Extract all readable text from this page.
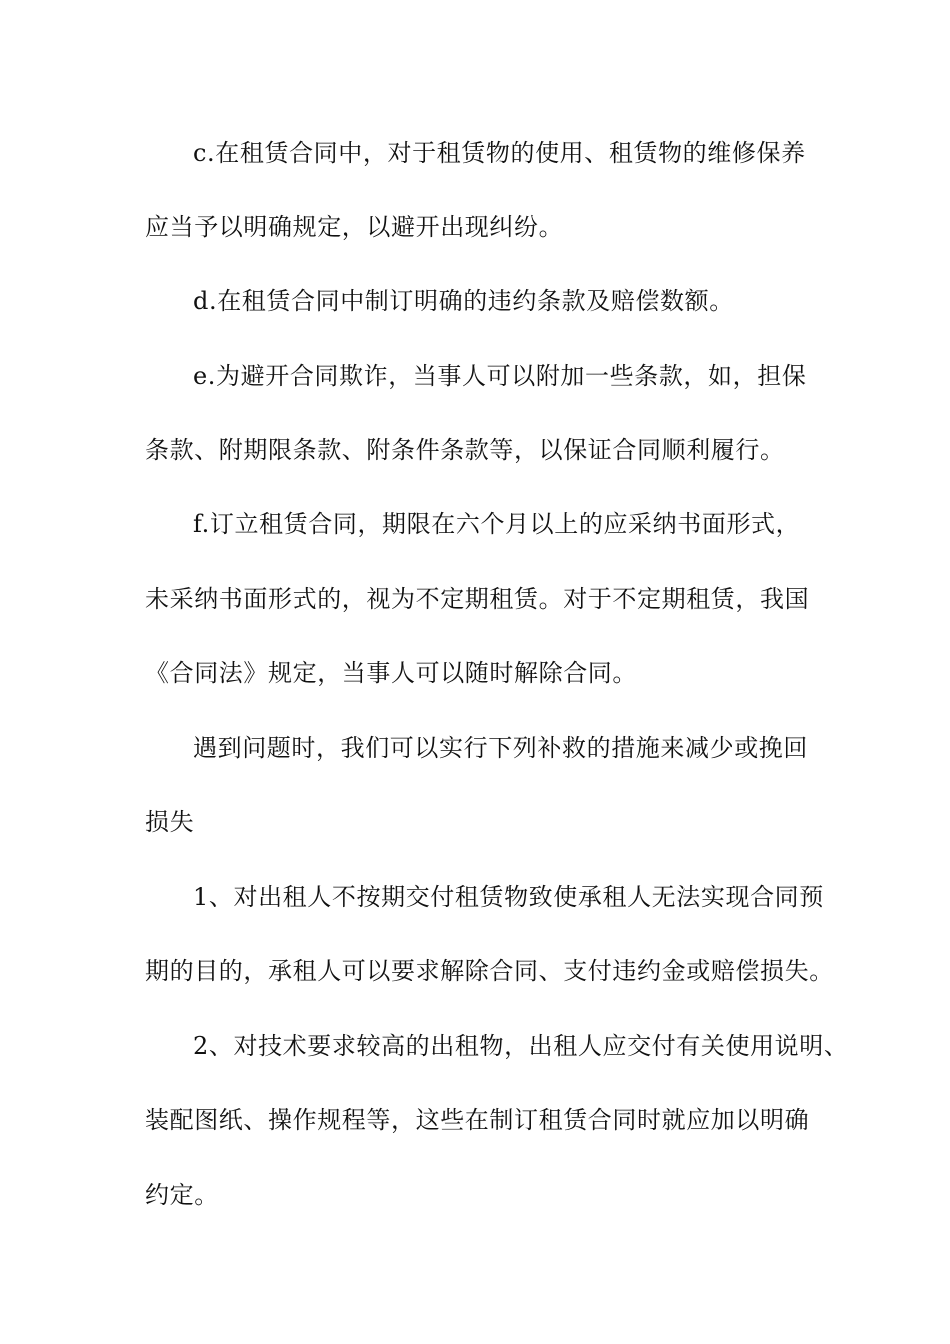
c.在租赁合同中，对于租赁物的使用、租赁物的维修保养
应当予以明确规定，以避开出现纠纷。
d.在租赁合同中制订明确的违约条款及赔偿数额。
e.为避开合同欺诈，当事人可以附加一些条款，如，担保
条款、附期限条款、附条件条款等，以保证合同顺利履行。
f.订立租赁合同，期限在六个月以上的应采纳书面形式，
未采纳书面形式的，视为不定期租赁。对于不定期租赁，我国
《合同法》规定，当事人可以随时解除合同。
遇到问题时，我们可以实行下列补救的措施来减少或挽回
损失
1、对出租人不按期交付租赁物致使承租人无法实现合同预
期的目的，承租人可以要求解除合同、支付违约金或赔偿损失。
2、对技术要求较高的出租物，出租人应交付有关使用说明、
装配图纸、操作规程等，这些在制订租赁合同时就应加以明确
约定。
